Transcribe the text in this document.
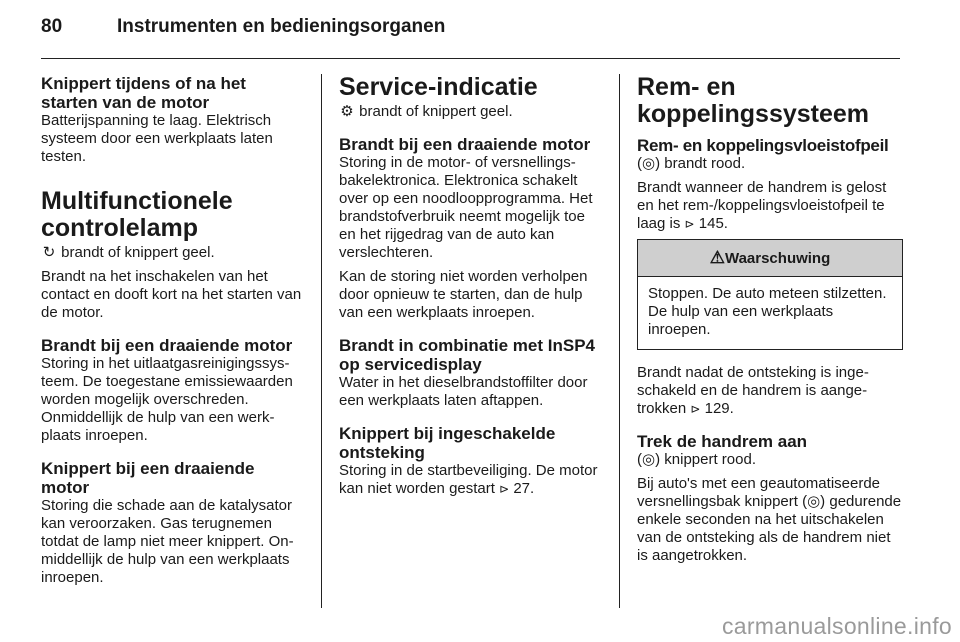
80	Instrumenten en bedieningsorganen
Knippert tijdens of na het starten van de motor
Batterijspanning te laag. Elektrisch systeem door een werkplaats laten testen.
Multifunctionele controlelamp
↻ brandt of knippert geel.
Brandt na het inschakelen van het contact en dooft kort na het starten van de motor.
Brandt bij een draaiende motor
Storing in het uitlaatgasreinigingssysteem. De toegestane emissiewaarden worden mogelijk overschreden. Onmiddellijk de hulp van een werkplaats inroepen.
Knippert bij een draaiende motor
Storing die schade aan de katalysator kan veroorzaken. Gas terugnemen totdat de lamp niet meer knippert. Onmiddellijk de hulp van een werkplaats inroepen.
Service-indicatie
⚙ brandt of knippert geel.
Brandt bij een draaiende motor
Storing in de motor- of versnellingsbakelektronica. Elektronica schakelt over op een noodloopprogramma. Het brandstofverbruik neemt mogelijk toe en het rijgedrag van de auto kan verslechteren.
Kan de storing niet worden verholpen door opnieuw te starten, dan de hulp van een werkplaats inroepen.
Brandt in combinatie met InSP4 op servicedisplay
Water in het dieselbrandstoffilter door een werkplaats laten aftappen.
Knippert bij ingeschakelde ontsteking
Storing in de startbeveiliging. De motor kan niet worden gestart ⊳ 27.
Rem- en koppelingssysteem
Rem- en koppelingsvloeistofpeil
(◎) brandt rood.
Brandt wanneer de handrem is gelost en het rem-/koppelingsvloeistofpeil te laag is ⊳ 145.
⚠Waarschuwing
Stoppen. De auto meteen stilzetten. De hulp van een werkplaats inroepen.
Brandt nadat de ontsteking is ingeschakeld en de handrem is aangetrokken ⊳ 129.
Trek de handrem aan
(◎) knippert rood.
Bij auto's met een geautomatiseerde versnellingsbak knippert (◎) gedurende enkele seconden na het uitschakelen van de ontsteking als de handrem niet is aangetrokken.
carmanualsonline.info
